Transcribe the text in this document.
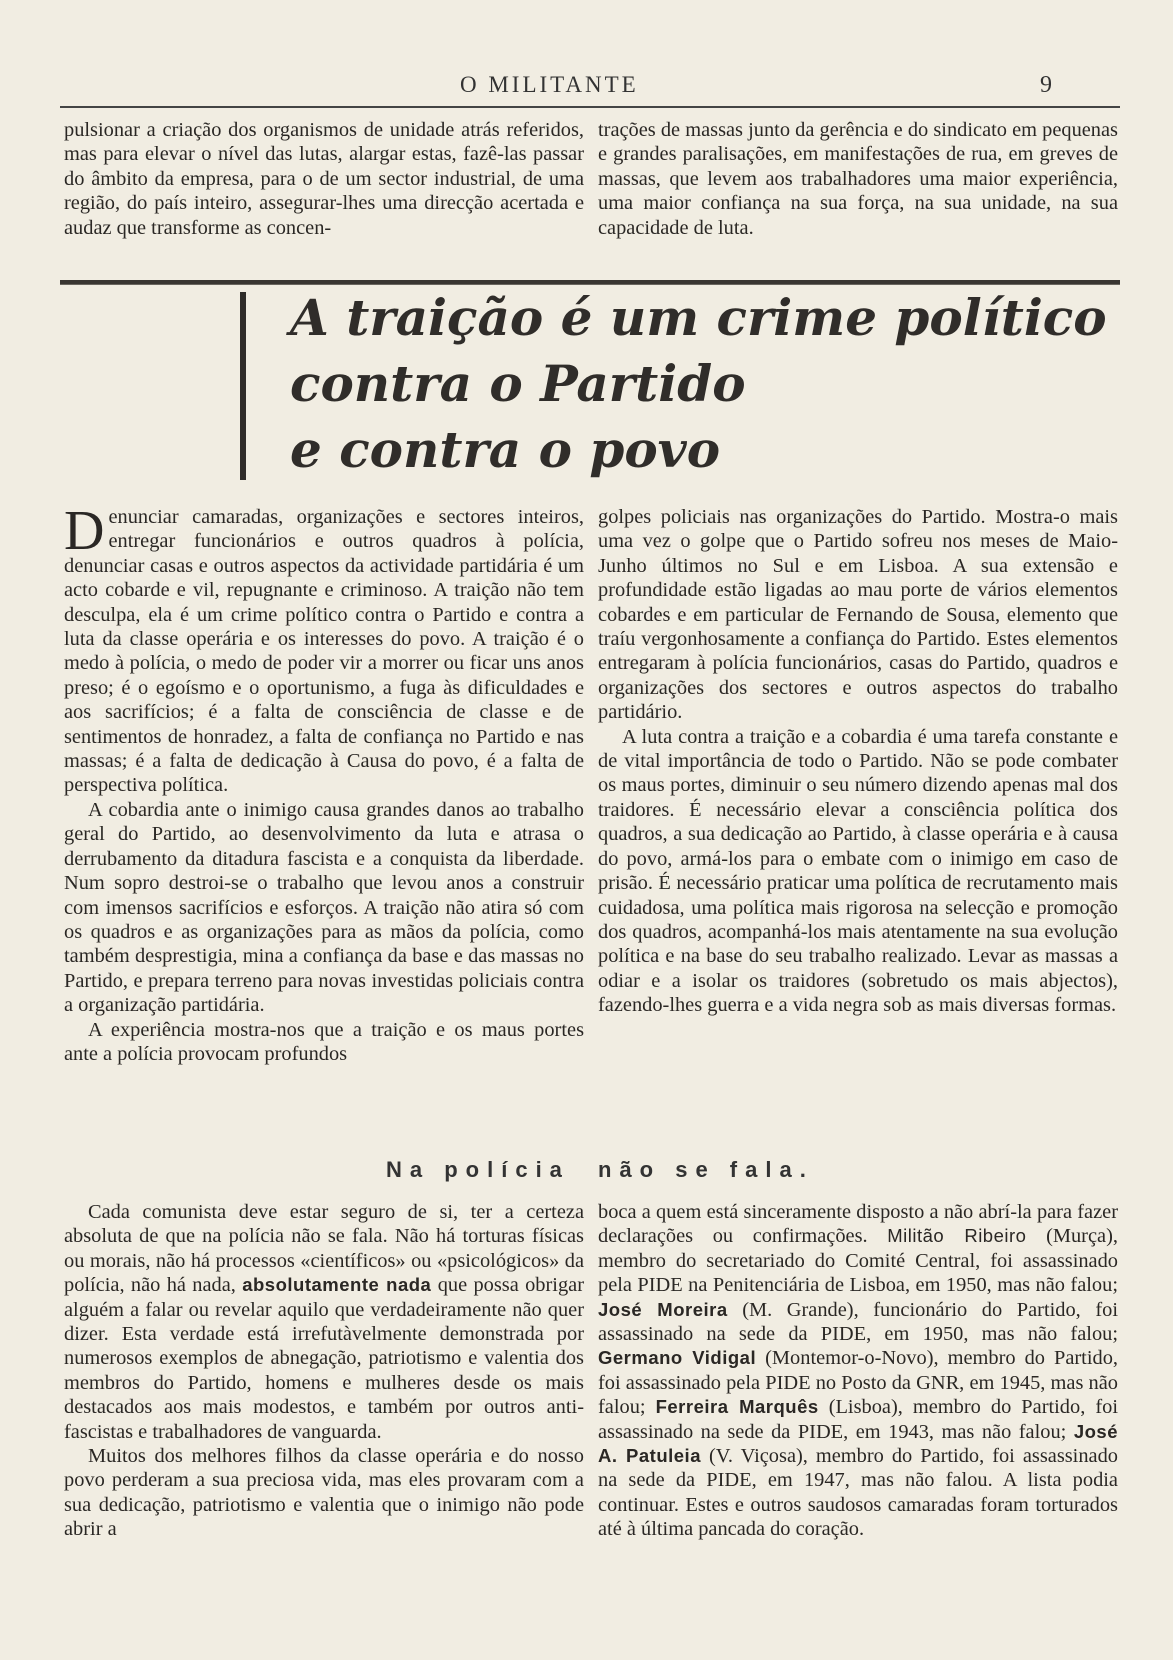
O MILITANTE	9

pulsionar a criação dos organismos de unidade atrás referidos, mas para elevar o nível das lutas, alargar estas, fazê-las passar do âmbito da empresa, para o de um sector industrial, de uma região, do país inteiro, assegurar-lhes uma direcção acertada e audaz que transforme as concen-

trações de massas junto da gerência e do sindicato em pequenas e grandes paralisações, em manifestações de rua, em greves de massas, que levem aos trabalhadores uma maior experiência, uma maior confiança na sua força, na sua unidade, na sua capacidade de luta.

A traição é um crime político
contra o Partido
e contra o povo

Denunciar camaradas, organizações e sectores inteiros, entregar funcionários e outros quadros à polícia, denunciar casas e outros aspectos da actividade partidária é um acto cobarde e vil, repugnante e criminoso. A traição não tem desculpa, ela é um crime político contra o Partido e contra a luta da classe operária e os interesses do povo. A traição é o medo à polícia, o medo de poder vir a morrer ou ficar uns anos preso; é o egoísmo e o oportunismo, a fuga às dificuldades e aos sacrifícios; é a falta de consciência de classe e de sentimentos de honradez, a falta de confiança no Partido e nas massas; é a falta de dedicação à Causa do povo, é a falta de perspectiva política.

A cobardia ante o inimigo causa grandes danos ao trabalho geral do Partido, ao desenvolvimento da luta e atrasa o derrubamento da ditadura fascista e a conquista da liberdade. Num sopro destroi-se o trabalho que levou anos a construir com imensos sacrifícios e esforços. A traição não atira só com os quadros e as organizações para as mãos da polícia, como também desprestigia, mina a confiança da base e das massas no Partido, e prepara terreno para novas investidas policiais contra a organização partidária.

A experiência mostra-nos que a traição e os maus portes ante a polícia provocam profundos

golpes policiais nas organizações do Partido. Mostra-o mais uma vez o golpe que o Partido sofreu nos meses de Maio-Junho últimos no Sul e em Lisboa. A sua extensão e profundidade estão ligadas ao mau porte de vários elementos cobardes e em particular de Fernando de Sousa, elemento que traíu vergonhosamente a confiança do Partido. Estes elementos entregaram à polícia funcionários, casas do Partido, quadros e organizações dos sectores e outros aspectos do trabalho partidário.

A luta contra a traição e a cobardia é uma tarefa constante e de vital importância de todo o Partido. Não se pode combater os maus portes, diminuir o seu número dizendo apenas mal dos traidores. É necessário elevar a consciência política dos quadros, a sua dedicação ao Partido, à classe operária e à causa do povo, armá-los para o embate com o inimigo em caso de prisão. É necessário praticar uma política de recrutamento mais cuidadosa, uma política mais rigorosa na selecção e promoção dos quadros, acompanhá-los mais atentamente na sua evolução política e na base do seu trabalho realizado. Levar as massas a odiar e a isolar os traidores (sobretudo os mais abjectos), fazendo-lhes guerra e a vida negra sob as mais diversas formas.

Na polícia não se fala.

Cada comunista deve estar seguro de si, ter a certeza absoluta de que na polícia não se fala. Não há torturas físicas ou morais, não há processos «científicos» ou «psicológicos» da polícia, não há nada, absolutamente nada que possa obrigar alguém a falar ou revelar aquilo que verdadeiramente não quer dizer. Esta verdade está irrefutàvelmente demonstrada por numerosos exemplos de abnegação, patriotismo e valentia dos membros do Partido, homens e mulheres desde os mais destacados aos mais modestos, e também por outros anti-fascistas e trabalhadores de vanguarda.

Muitos dos melhores filhos da classe operária e do nosso povo perderam a sua preciosa vida, mas eles provaram com a sua dedicação, patriotismo e valentia que o inimigo não pode abrir a

boca a quem está sinceramente disposto a não abrí-la para fazer declarações ou confirmações. Militão Ribeiro (Murça), membro do secretariado do Comité Central, foi assassinado pela PIDE na Penitenciária de Lisboa, em 1950, mas não falou; José Moreira (M. Grande), funcionário do Partido, foi assassinado na sede da PIDE, em 1950, mas não falou; Germano Vidigal (Montemor-o-Novo), membro do Partido, foi assassinado pela PIDE no Posto da GNR, em 1945, mas não falou; Ferreira Marquês (Lisboa), membro do Partido, foi assassinado na sede da PIDE, em 1943, mas não falou; José A. Patuleia (V. Viçosa), membro do Partido, foi assassinado na sede da PIDE, em 1947, mas não falou. A lista podia continuar. Estes e outros saudosos camaradas foram torturados até à última pancada do coração.
